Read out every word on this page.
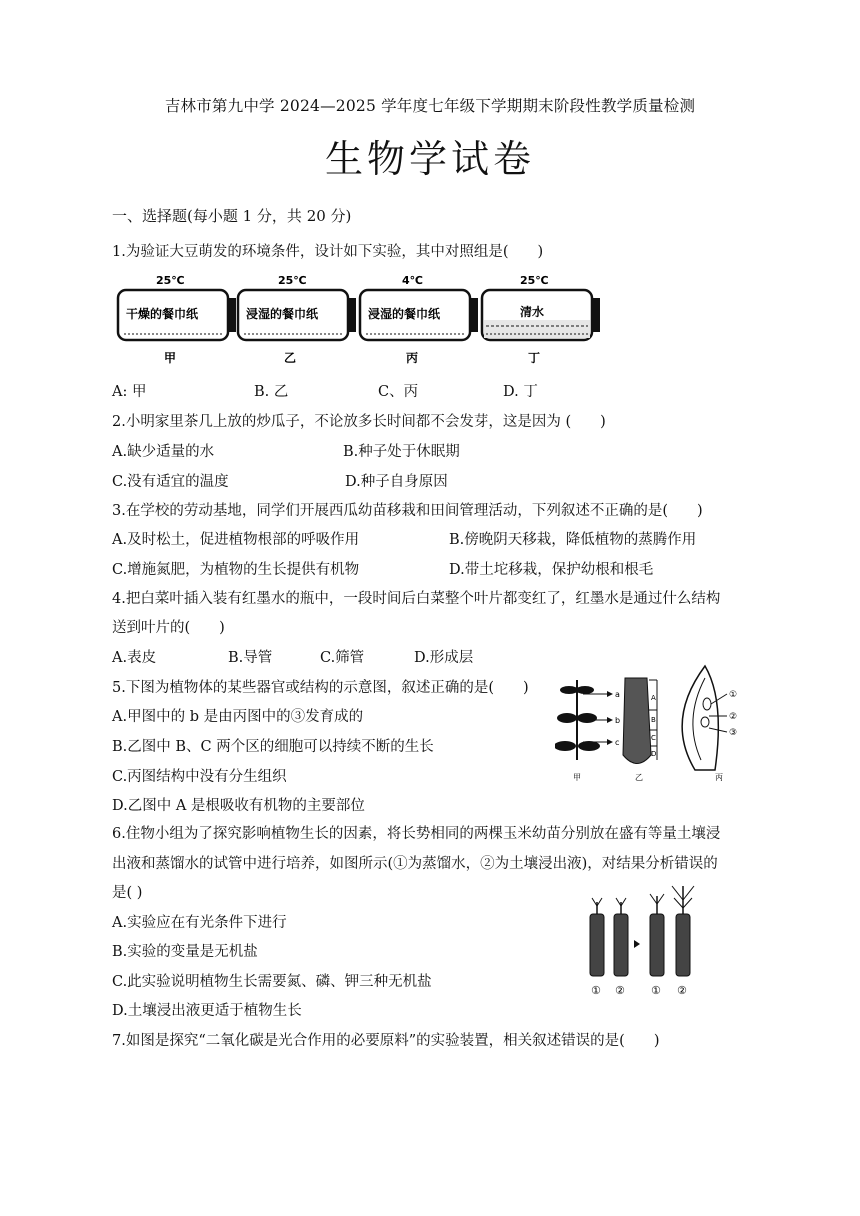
吉林市第九中学 2024—2025 学年度七年级下学期期末阶段性教学质量检测
生物学试卷
一、选择题(每小题 1 分，共 20 分)
1.为验证大豆萌发的环境条件，设计如下实验，其中对照组是(　　)
25℃
干燥的餐巾纸
甲
25℃
浸湿的餐巾纸
乙
4℃
浸湿的餐巾纸
丙
25℃
清水
丁
A: 甲	B. 乙	C、丙	D. 丁
2.小明家里茶几上放的炒瓜子，不论放多长时间都不会发芽，这是因为 (　　)
A.缺少适量的水	B.种子处于休眠期
C.没有适宜的温度	D.种子自身原因
3.在学校的劳动基地，同学们开展西瓜幼苗移栽和田间管理活动，下列叙述不正确的是(　　)
A.及时松土，促进植物根部的呼吸作用	B.傍晚阴天移栽，降低植物的蒸腾作用
C.增施氮肥，为植物的生长提供有机物	D.带土坨移栽，保护幼根和根毛
4.把白菜叶插入装有红墨水的瓶中，一段时间后白菜整个叶片都变红了，红墨水是通过什么结构
送到叶片的(　　)
A.表皮	B.导管	C.筛管	D.形成层
5.下图为植物体的某些器官或结构的示意图，叙述正确的是(　　)
A.甲图中的 b 是由丙图中的③发育成的
B.乙图中 B、C 两个区的细胞可以持续不断的生长
C.丙图结构中没有分生组织
D.乙图中 A 是根吸收有机物的主要部位
a
b
c
甲
A
B
C
D
乙
①
②
③
丙
6.住物小组为了探究影响植物生长的因素，将长势相同的两棵玉米幼苗分别放在盛有等量土壤浸
出液和蒸馏水的试管中进行培养，如图所示(①为蒸馏水，②为土壤浸出液)，对结果分析错误的
是( )
A.实验应在有光条件下进行
B.实验的变量是无机盐
C.此实验说明植物生长需要氮、磷、钾三种无机盐
D.土壤浸出液更适于植物生长
① ② ① ②
7.如图是探究“二氧化碳是光合作用的必要原料”的实验装置，相关叙述错误的是(　　)
